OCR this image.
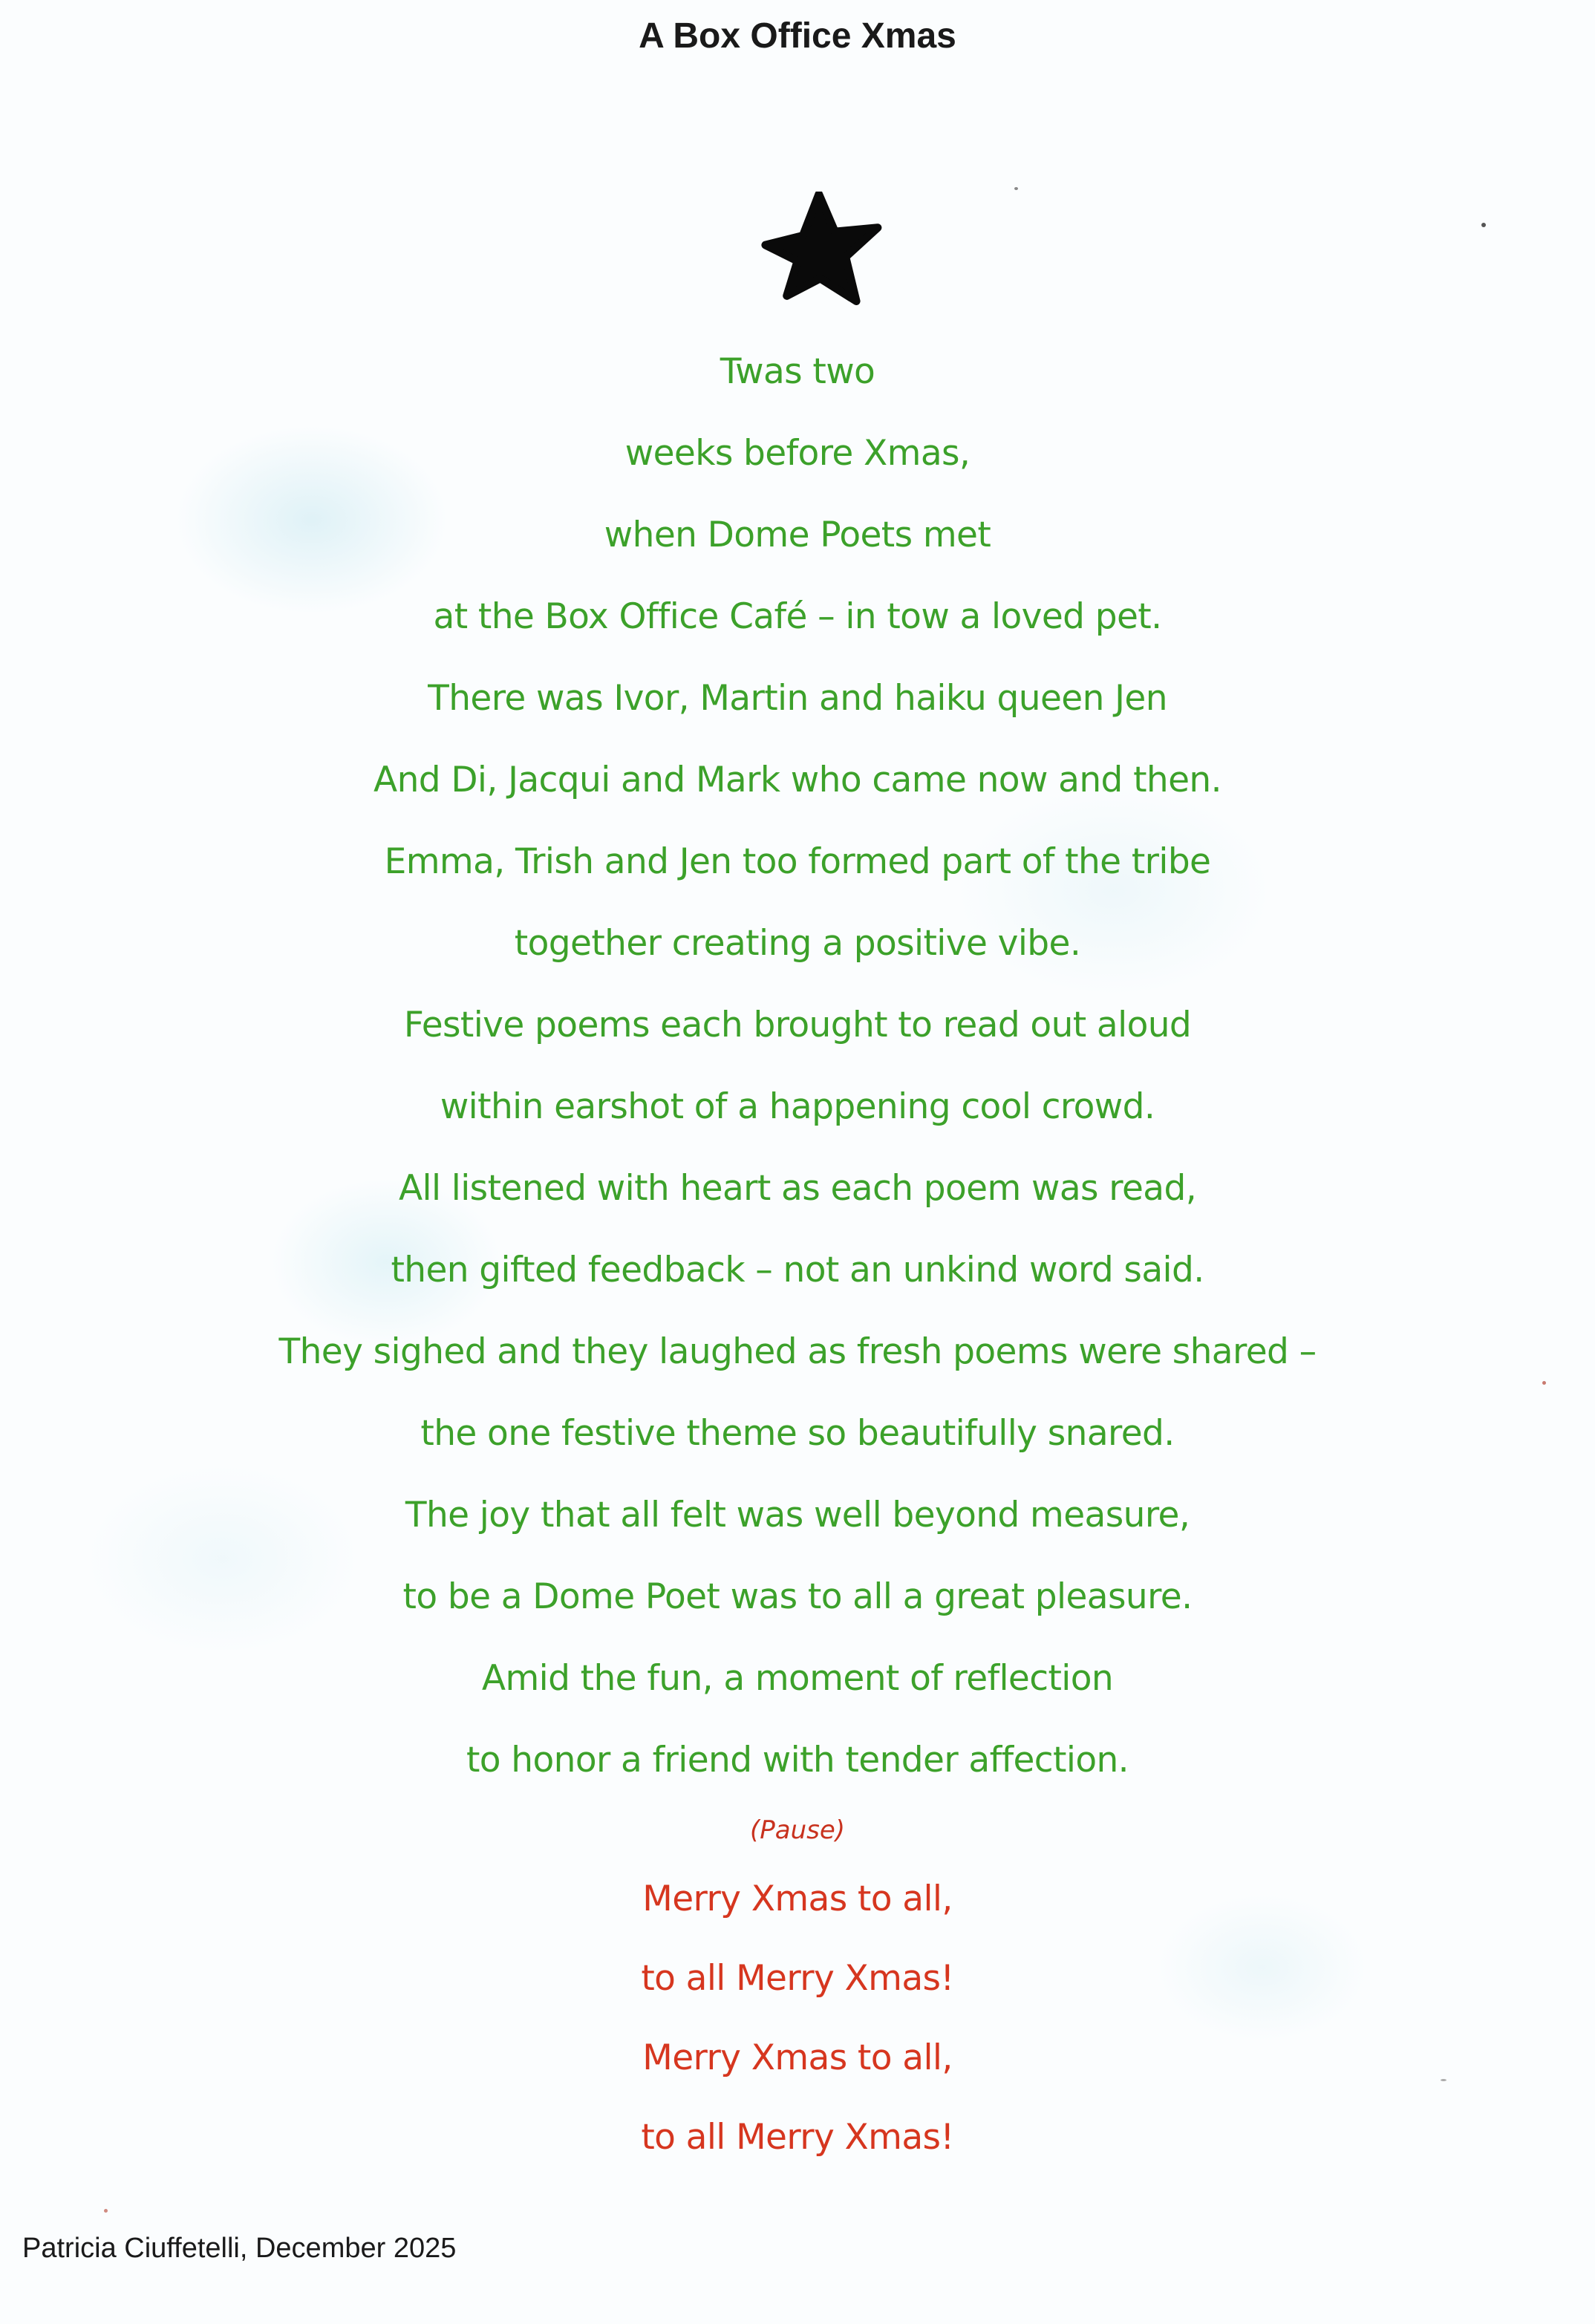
A Box Office Xmas
Twas two
weeks before Xmas,
when Dome Poets met
at the Box Office Café – in tow a loved pet.
There was Ivor, Martin and haiku queen Jen
And Di, Jacqui and Mark who came now and then.
Emma, Trish and Jen too formed part of the tribe
together creating a positive vibe.
Festive poems each brought to read out aloud
within earshot of a happening cool crowd.
All listened with heart as each poem was read,
then gifted feedback – not an unkind word said.
They sighed and they laughed as fresh poems were shared –
the one festive theme so beautifully snared.
The joy that all felt was well beyond measure,
to be a Dome Poet was to all a great pleasure.
Amid the fun, a moment of reflection
to honor a friend with tender affection.
(Pause)
Merry Xmas to all,
to all Merry Xmas!
Merry Xmas to all,
to all Merry Xmas!
Patricia Ciuffetelli, December 2025
